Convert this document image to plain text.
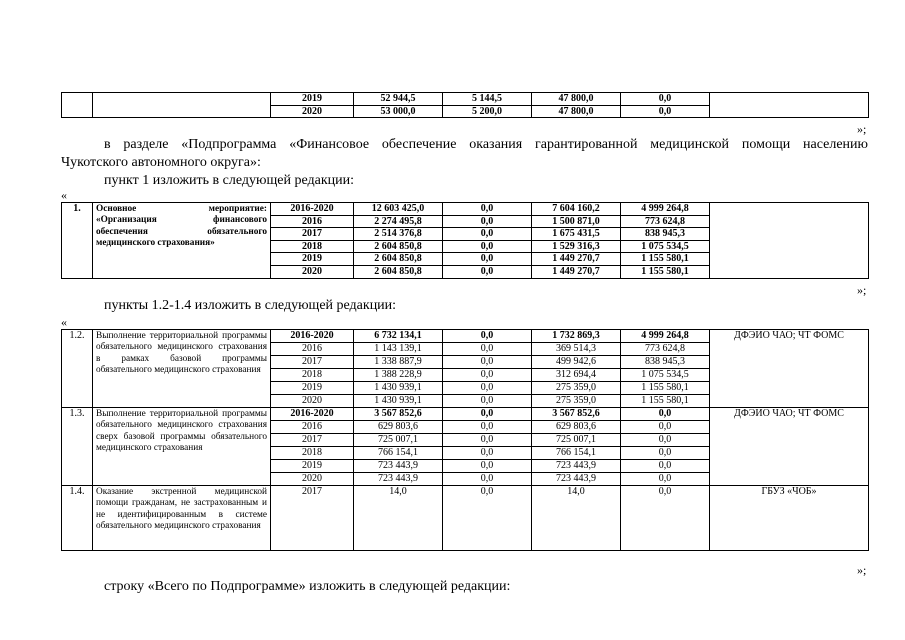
		2019	52 944,5	5 144,5	47 800,0	0,0	
		2020	53 000,0	5 200,0	47 800,0	0,0	
»;
в разделе «Подпрограмма «Финансовое обеспечение оказания гарантированной медицинской помощи населению
Чукотского автономного округа»:
пункт 1 изложить в следующей редакции:
«
1.	Основное мероприятие:
«Организация финансового
обеспечения обязательного
медицинского страхования»	2016-2020	12 603 425,0	0,0	7 604 160,2	4 999 264,8	
		2016	2 274 495,8	0,0	1 500 871,0	773 624,8	
		2017	2 514 376,8	0,0	1 675 431,5	838 945,3	
		2018	2 604 850,8	0,0	1 529 316,3	1 075 534,5	
		2019	2 604 850,8	0,0	1 449 270,7	1 155 580,1	
		2020	2 604 850,8	0,0	1 449 270,7	1 155 580,1	
»;
пункты 1.2-1.4 изложить в следующей редакции:
«
1.2.	Выполнение территориальной программы обязательного медицинского страхования в рамках базовой программы обязательного медицинского страхования	2016-2020	6 732 134,1	0,0	1 732 869,3	4 999 264,8	ДФЭИО ЧАО; ЧТ ФОМС
		2016	1 143 139,1	0,0	369 514,3	773 624,8	
		2017	1 338 887,9	0,0	499 942,6	838 945,3	
		2018	1 388 228,9	0,0	312 694,4	1 075 534,5	
		2019	1 430 939,1	0,0	275 359,0	1 155 580,1	
		2020	1 430 939,1	0,0	275 359,0	1 155 580,1	
1.3.	Выполнение территориальной программы обязательного медицинского страхования сверх базовой программы обязательного медицинского страхования	2016-2020	3 567 852,6	0,0	3 567 852,6	0,0	ДФЭИО ЧАО; ЧТ ФОМС
		2016	629 803,6	0,0	629 803,6	0,0	
		2017	725 007,1	0,0	725 007,1	0,0	
		2018	766 154,1	0,0	766 154,1	0,0	
		2019	723 443,9	0,0	723 443,9	0,0	
		2020	723 443,9	0,0	723 443,9	0,0	
1.4.	Оказание экстренной медицинской помощи гражданам, не застрахованным и не идентифицированным в системе обязательного медицинского страхования	2017	14,0	0,0	14,0	0,0	ГБУЗ «ЧОБ»

»;
строку «Всего по Подпрограмме» изложить в следующей редакции:
